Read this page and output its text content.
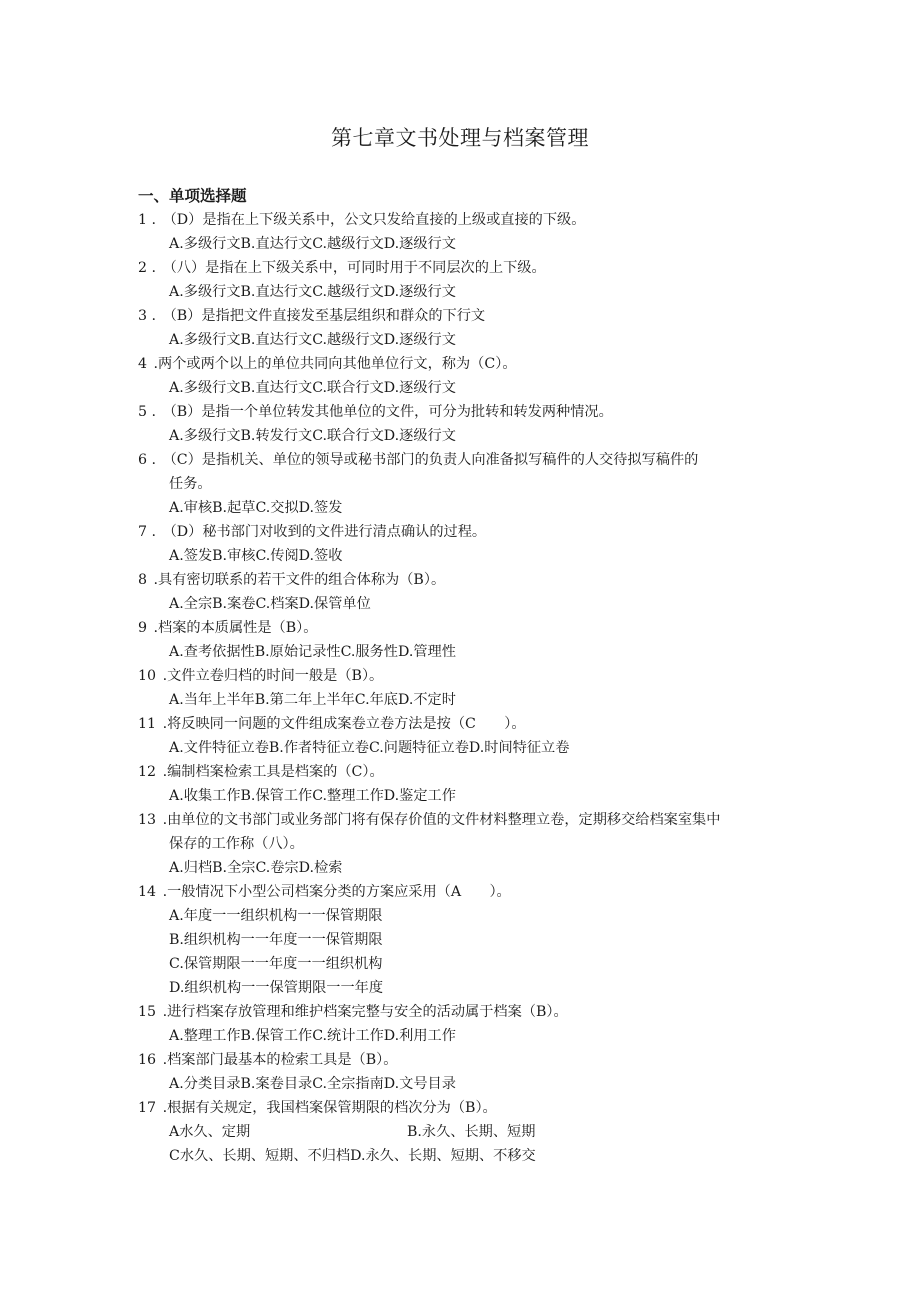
第七章文书处理与档案管理
一、单项选择题
1 . （D）是指在上下级关系中，公文只发给直接的上级或直接的下级。
A.多级行文B.直达行文C.越级行文D.逐级行文
2 . （八）是指在上下级关系中，可同时用于不同层次的上下级。
A.多级行文B.直达行文C.越级行文D.逐级行文
3 . （B）是指把文件直接发至基层组织和群众的下行文
A.多级行文B.直达行文C.越级行文D.逐级行文
4 .两个或两个以上的单位共同向其他单位行文，称为（C）。
A.多级行文B.直达行文C.联合行文D.逐级行文
5 . （B）是指一个单位转发其他单位的文件，可分为批转和转发两种情况。
A.多级行文B.转发行文C.联合行文D.逐级行文
6 . （C）是指机关、单位的领导或秘书部门的负责人向准备拟写稿件的人交待拟写稿件的
任务。
A.审核B.起草C.交拟D.签发
7 . （D）秘书部门对收到的文件进行清点确认的过程。
A.签发B.审核C.传阅D.签收
8 .具有密切联系的若干文件的组合体称为（B）。
A.全宗B.案卷C.档案D.保管单位
9 .档案的本质属性是（B）。
A.查考依据性B.原始记录性C.服务性D.管理性
10 .文件立卷归档的时间一般是（B）。
A.当年上半年B.第二年上半年C.年底D.不定时
11 .将反映同一问题的文件组成案卷立卷方法是按（C　　）。
A.文件特征立卷B.作者特征立卷C.问题特征立卷D.时间特征立卷
12 .编制档案检索工具是档案的（C）。
A.收集工作B.保管工作C.整理工作D.鉴定工作
13 .由单位的文书部门或业务部门将有保存价值的文件材料整理立卷，定期移交给档案室集中
保存的工作称（八）。
A.归档B.全宗C.卷宗D.检索
14 .一般情况下小型公司档案分类的方案应采用（A　　）。
A.年度一一组织机构一一保管期限
B.组织机构一一年度一一保管期限
C.保管期限一一年度一一组织机构
D.组织机构一一保管期限一一年度
15 .进行档案存放管理和维护档案完整与安全的活动属于档案（B）。
A.整理工作B.保管工作C.统计工作D.利用工作
16 .档案部门最基本的检索工具是（B）。
A.分类目录B.案卷目录C.全宗指南D.文号目录
17 .根据有关规定，我国档案保管期限的档次分为（B）。
A水久、定期	B.永久、长期、短期
C水久、长期、短期、不归档D.永久、长期、短期、不移交
